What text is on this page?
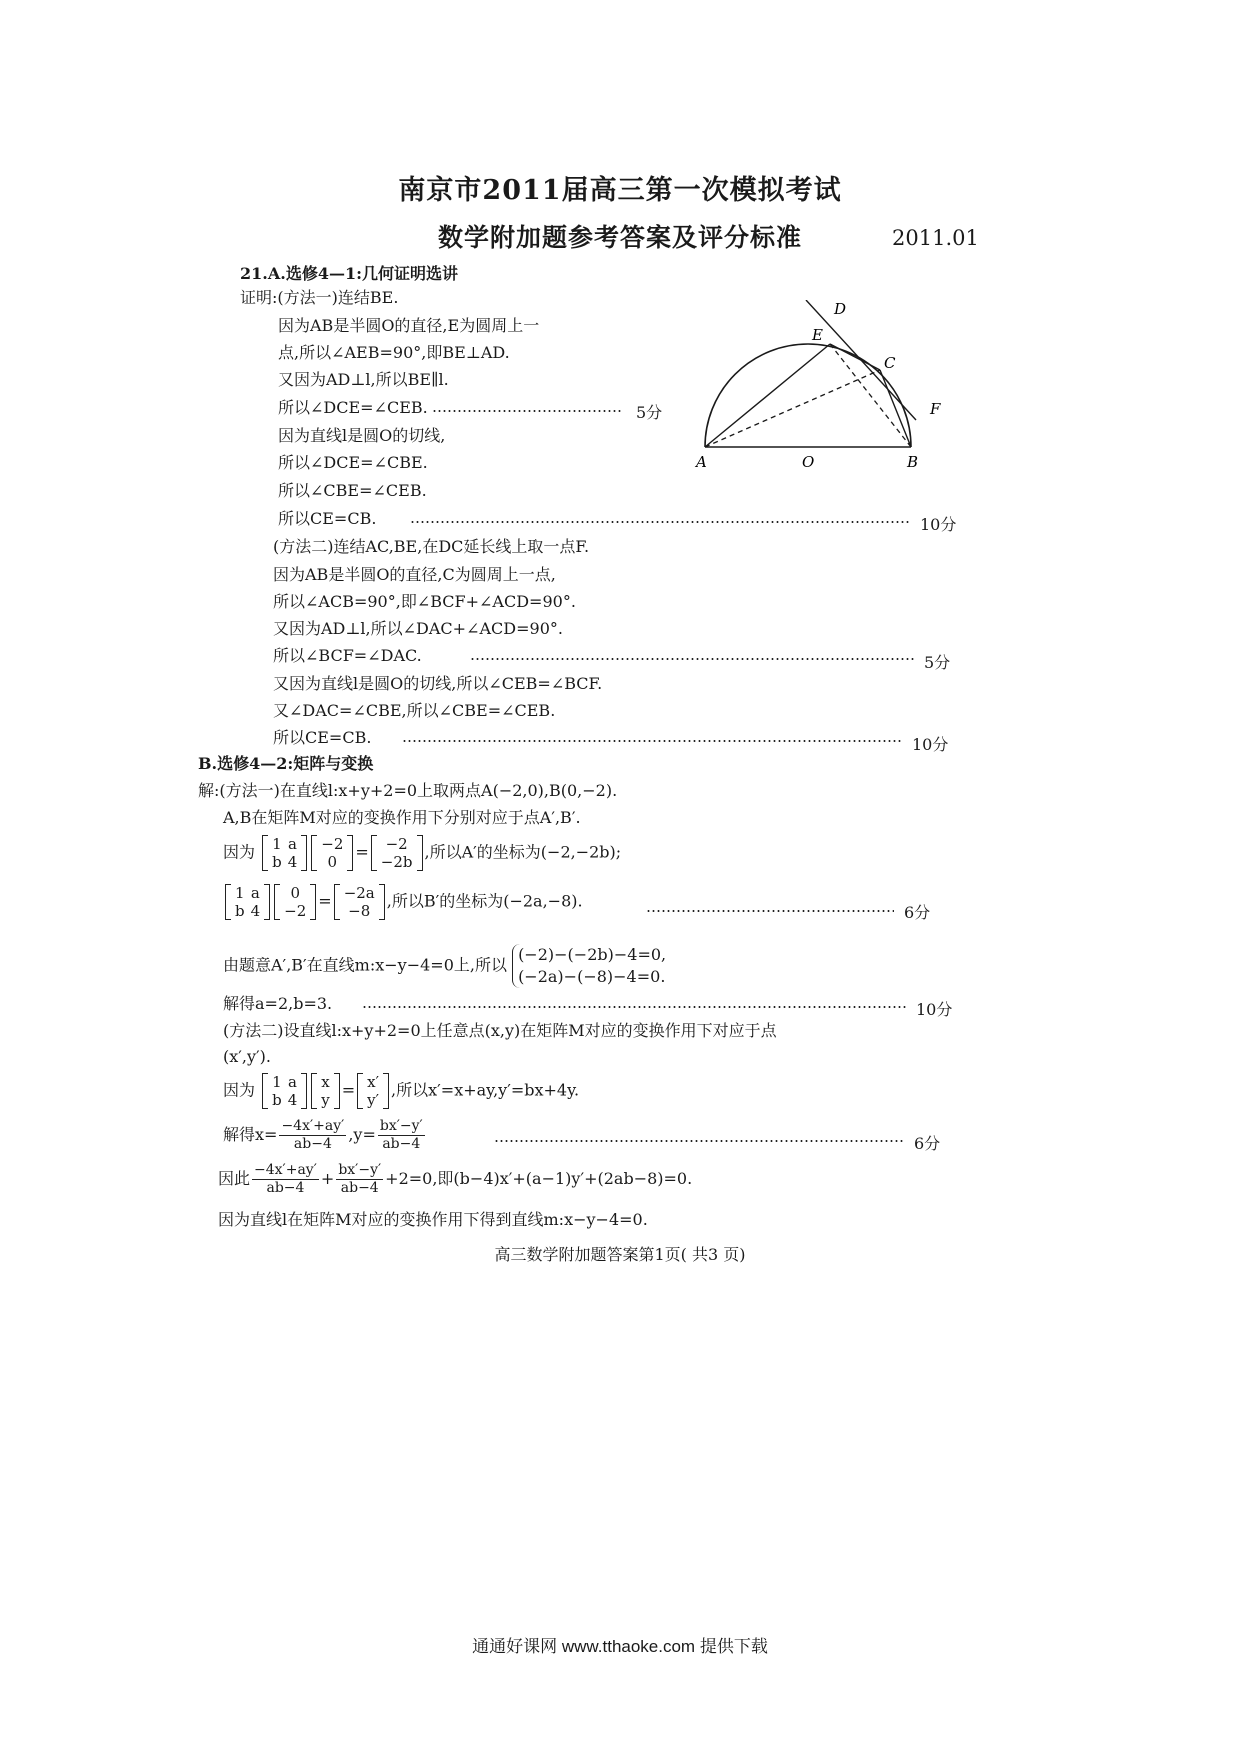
南京市2011届高三第一次模拟考试
数学附加题参考答案及评分标准	2011.01
21.A.选修4—1:几何证明选讲
证明:(方法一)连结BE.
因为AB是半圆O的直径,E为圆周上一
点,所以∠AEB=90°,即BE⊥AD.
又因为AD⊥l,所以BE∥l.
所以∠DCE=∠CEB.	5分
因为直线l是圆O的切线,
所以∠DCE=∠CBE.
所以∠CBE=∠CEB.
所以CE=CB.	10分
(方法二)连结AC,BE,在DC延长线上取一点F.
因为AB是半圆O的直径,C为圆周上一点,
所以∠ACB=90°,即∠BCF+∠ACD=90°.
又因为AD⊥l,所以∠DAC+∠ACD=90°.
所以∠BCF=∠DAC.	5分
又因为直线l是圆O的切线,所以∠CEB=∠BCF.
又∠DAC=∠CBE,所以∠CBE=∠CEB.
所以CE=CB.	10分
D
E
C
F
A	O	B
B.选修4—2:矩阵与变换
解:(方法一)在直线l:x+y+2=0上取两点A(−2,0),B(0,−2).
A,B在矩阵M对应的变换作用下分别对应于点A′,B′.
因为 1	a
b	4
−2
0
= −2
−2b
,所以A′的坐标为(−2,−2b);
1	a
b	4
0
−2
= −2a
−8
,所以B′的坐标为(−2a,−8).
6分
由题意A′,B′在直线m:x−y−4=0上,所以
(−2)−(−2b)−4=0,
(−2a)−(−8)−4=0.
解得a=2,b=3.	10分
(方法二)设直线l:x+y+2=0上任意点(x,y)在矩阵M对应的变换作用下对应于点
(x′,y′).
因为 1	a
b	4
x
y
= x′
y′
,所以x′=x+ay,y′=bx+4y.
解得$x= \frac{-4x'+ay'}{ab-4} ,y= \frac{bx'-y'}{ab-4}$	6分
因此 $\frac{-4x'+ay'}{ab-4} + \frac{bx'-y'}{ab-4} +2=0$,即(b−4)x′+(a−1)y′+(2ab−8)=0.
因为直线l在矩阵M对应的变换作用下得到直线m:x−y−4=0.
高三数学附加题答案第1页( 共3 页)
通通好课网 www.tthaoke.com 提供下载
